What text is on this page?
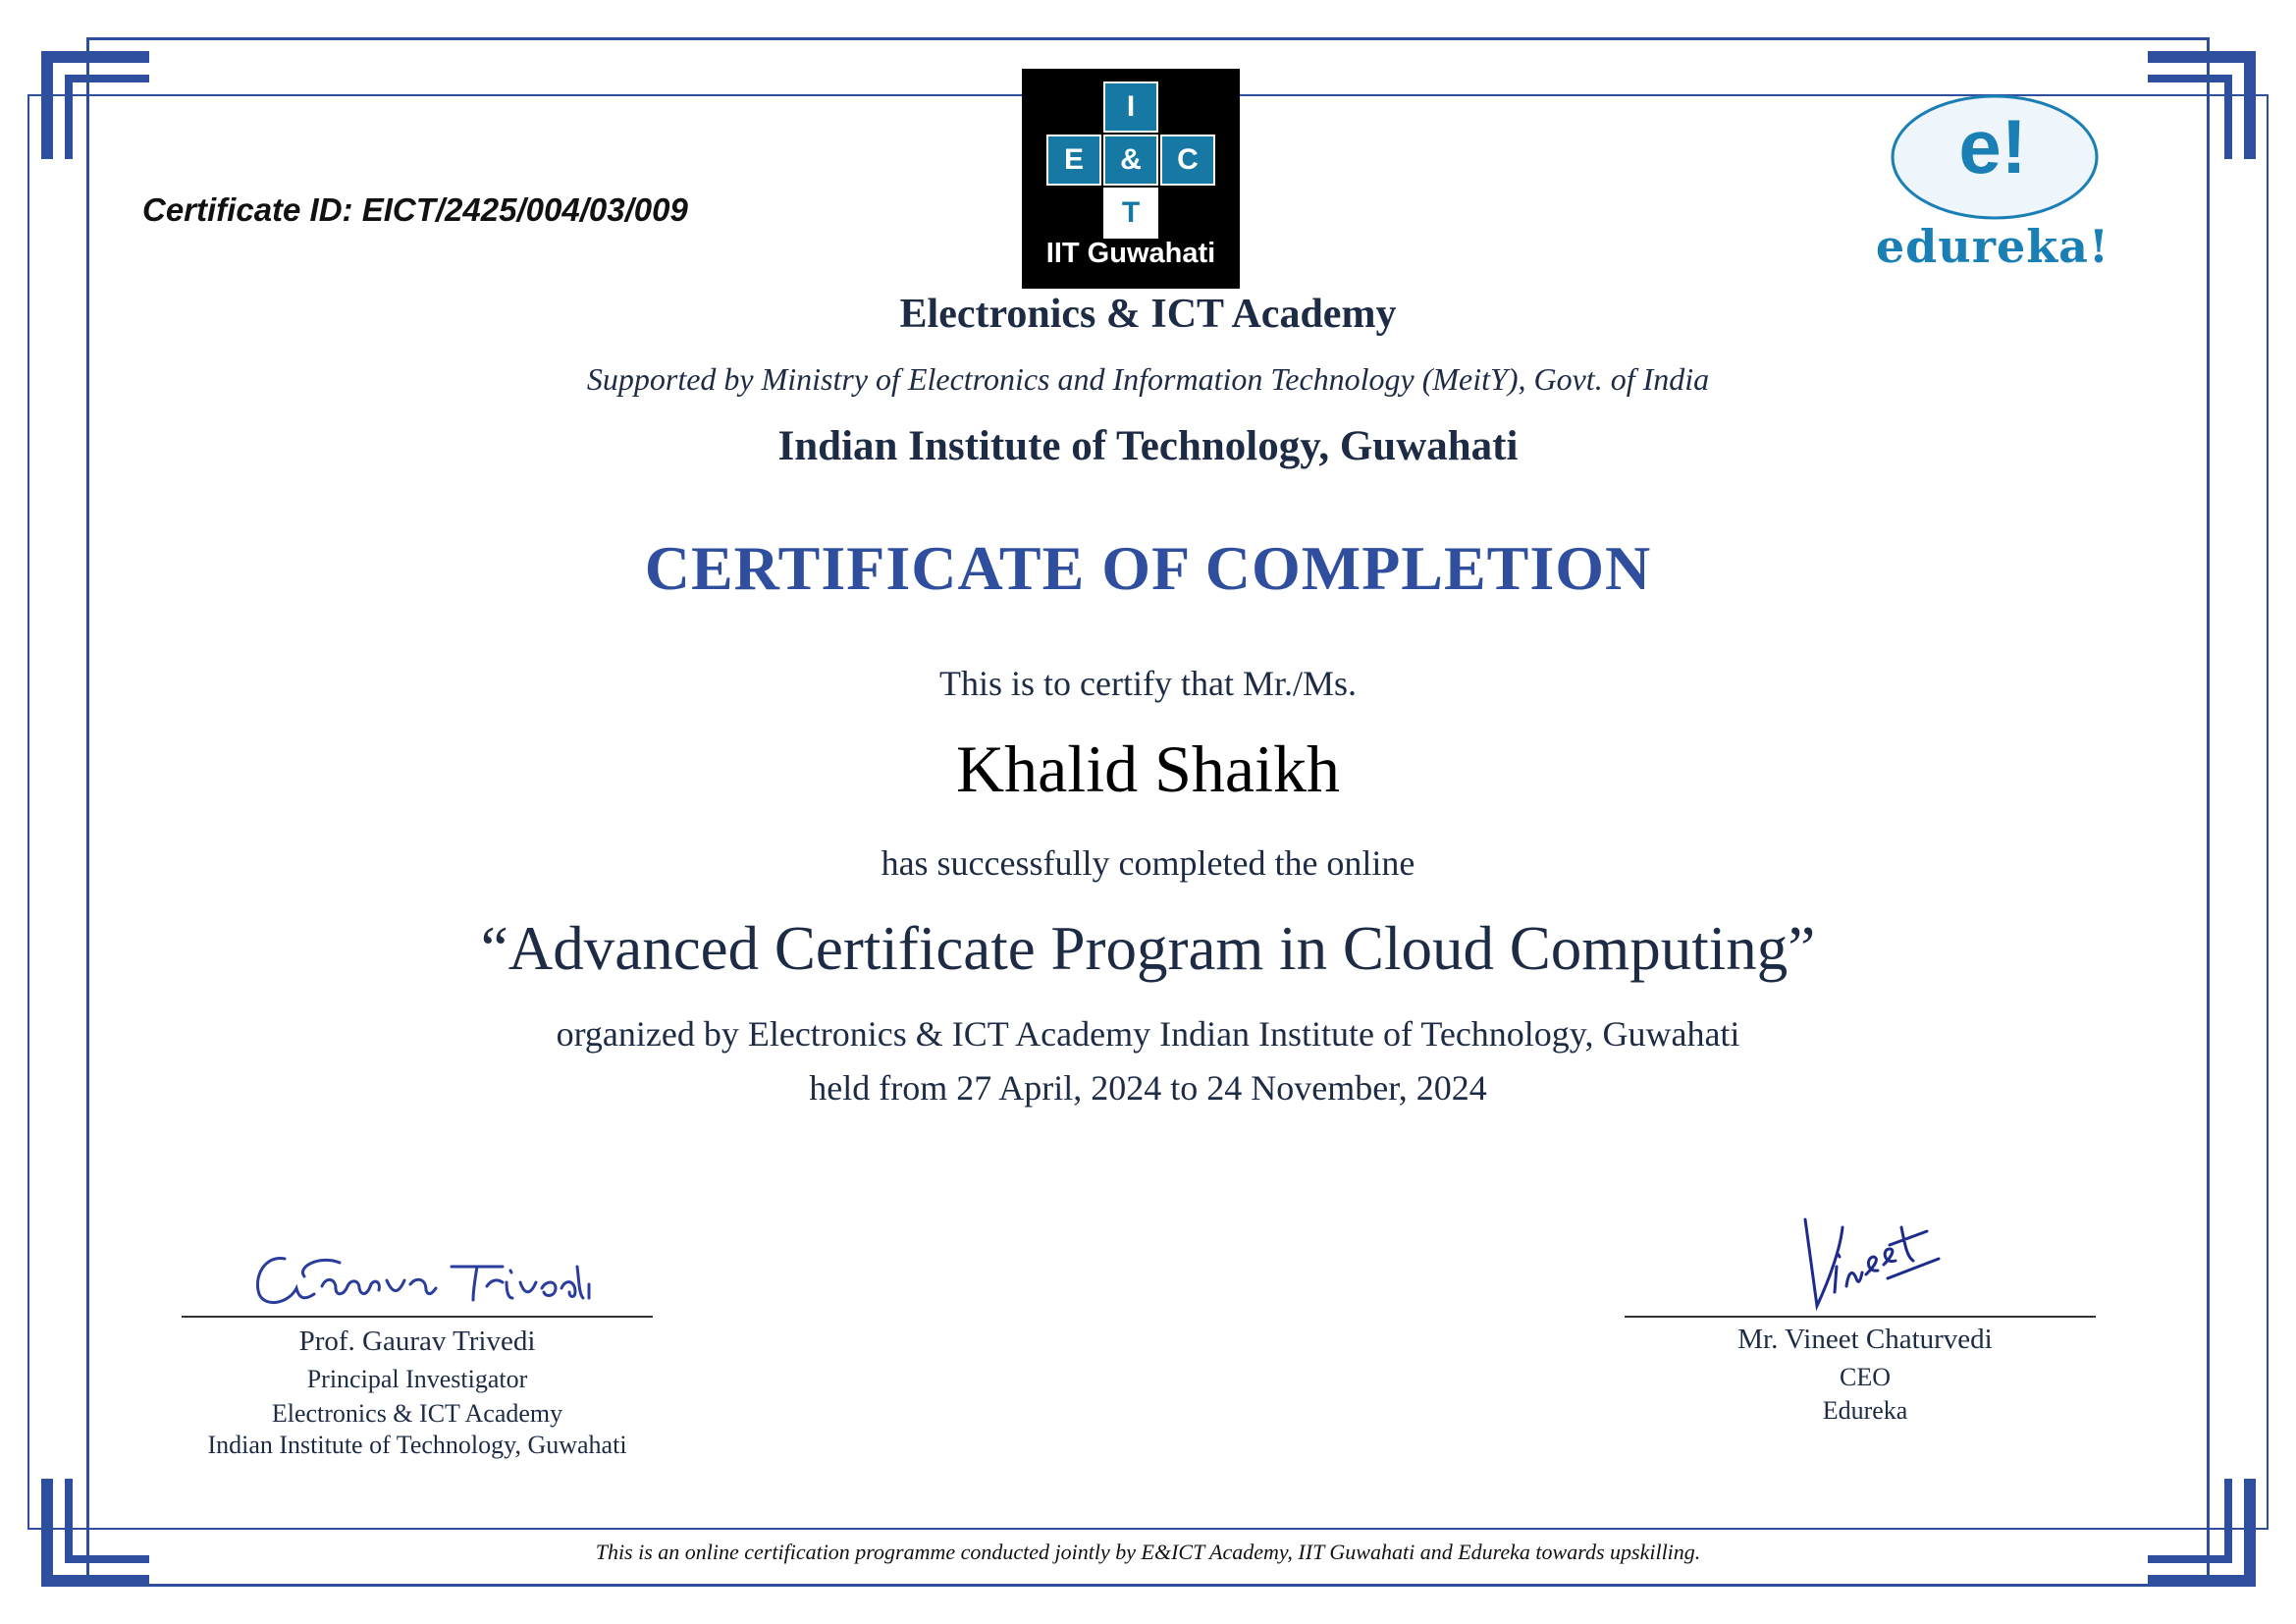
Certificate ID: EICT/2425/004/03/009
I
E	&	C
T
IIT Guwahati
e!
edureka!
Electronics & ICT Academy
Supported by Ministry of Electronics and Information Technology (MeitY), Govt. of India
Indian Institute of Technology, Guwahati
CERTIFICATE OF COMPLETION
This is to certify that Mr./Ms.
Khalid Shaikh
has successfully completed the online
“Advanced Certificate Program in Cloud Computing”
organized by Electronics & ICT Academy Indian Institute of Technology, Guwahati
held from 27 April, 2024 to 24 November, 2024
Prof. Gaurav Trivedi
Principal Investigator
Electronics & ICT Academy
Indian Institute of Technology, Guwahati
Mr. Vineet Chaturvedi
CEO
Edureka
This is an online certification programme conducted jointly by E&ICT Academy, IIT Guwahati and Edureka towards upskilling.
